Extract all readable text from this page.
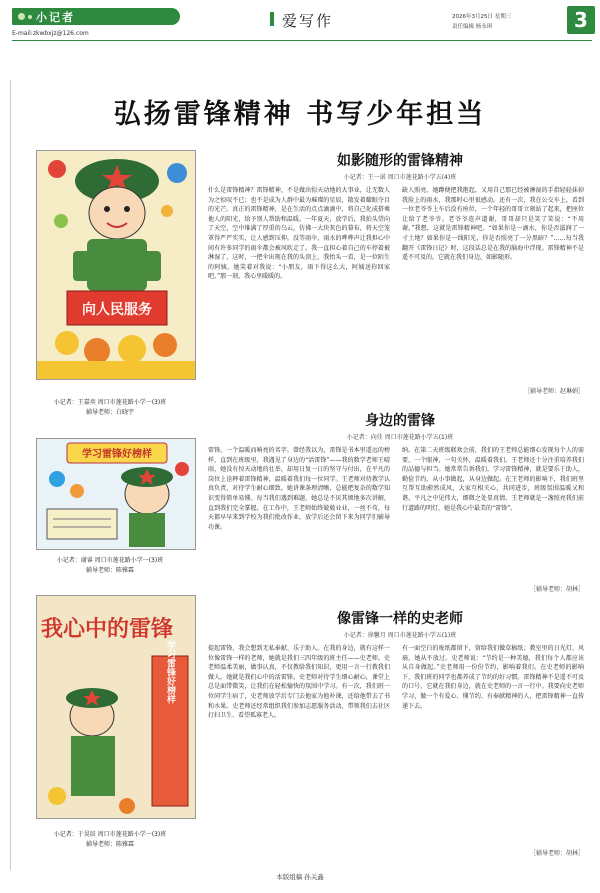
小记者
E-mail:zkwbxjz@126.com
爱写作	2026年3月25日 星期三
责任编辑 杨永琪	3
弘扬雷锋精神 书写少年担当
向人民服务
小记者：王嘉奕 周口市莲花路小学一(3)班
辅导老师：白晓宇
学习雷锋好榜样
小记者：谢睿 周口市莲花路小学一(3)班
辅导老师：陈雅霖
我心中的雷锋
学习雷锋好榜样
小记者：于昊辰 周口市莲花路小学一(3)班
辅导老师：陈雅霖
如影随形的雷锋精神
小记者：王一诺 周口市莲花路小学五(4)班
什么是雷锋精神？雷锋精神，不是做出惊天动地的大事业，让无数人为之惊叹不已；也不是成为人群中最为璀璨的星辰，散发着耀眼夺目的光芒。真正的雷锋精神，是在生活的点点滴滴中，将自己化成搭乘他人的阳光，给予别人帮助和温暖。一年夏天，放学后，我拍头望向了天空，空中堆满了厚重的乌云，仿佛一大块灰色的幕布，将天空笼罩得严严实实，让人感到压抑。没等雨伞，雨水的哗哗声让我担心中间有许多同学的雨伞都会被风吹走了。我一直担心着自己的车停着被淋湿了，这时，一把伞出现在我的头顶上，我抬头一看，是一位陌生的阿姨，她笑着对我说：“小朋友，雨下得这么大，阿姨送你回家吧。”那一刻，我心里暖暖的。
缺人照亮，她蹲便把我抱起，又用自己那已经被淋湿的手指轻轻抹掉我脸上的雨水，我那时心里很感动。还有一次，我在公交车上，看到一位老爷爷上车后没有座位，一个年轻的哥哥立刻站了起来，把座位让给了老爷爷。老爷爷连声道谢，哥哥却只是笑了笑说：“不用谢。”我想，这就是雷锋精神吧。“如果你是一滴水，你是否滋润了一寸土地？如果你是一线阳光，你是否照亮了一分黑暗？”……每当我翻开《雷锋日记》时，这段话总是在我的脑海中浮现。雷锋精神不是遥不可及的，它就在我们身边，如影随形。
［辅导老师：赵琳娟］
身边的雷锋
小记者：向佳 周口市莲花路小学五(1)班
雷锋，一个温暖而响亮的名字。曾经我以为，雷锋是书本里遥远的榜样，直到在班级里，我遇见了身边的“活雷锋”——我的数学老师王晴雨，她没有惊天动地的壮举，却用日复一日的坚守与付出，在平凡的岗位上诠释着雷锋精神，温暖着我们每一位同学。王老师对待教学认真负责，对待学生耐心细致。她讲课条理清晰，总能把复杂的数学知识变得简单易懂。每当我们遇到难题，她总是不厌其烦地多次讲解，直到我们完全掌握。在工作中，王老师始终兢兢业业，一丝不苟，每天都早早来到学校为我们批改作业，放学后还会留下来为同学们辅导功课。
纳。在第二天班级联欢会前，我们的王老师总能细心发现每个人的需要，一个眼神，一句关怀，温暖着我们。王老师还十分注重培养我们的品德与担当。她常常告诉我们，学习雷锋精神，就是要乐于助人，勤俭节约，从小事做起，从身边做起。在王老师的影响下，我们班里互帮互助蔚然成风，大家互相关心，共同进步，班级氛围温暖又和谐。平凡之中见伟大，细微之处显真情。王老师就是一盏照亮我们前行道路的明灯，她是我心中最美的“雷锋”。
［辅导老师：胡林］
像雷锋一样的史老师
小记者：徐馨月 周口市莲花路小学五(1)班
提起雷锋，我会想到无私奉献、乐于助人。在我的身边，就有这样一位像雷锋一样的老师，她就是我们三四年级的班主任——史老师。史老师温柔美丽，做事认真，不仅教给我们知识，更用一言一行教我们做人。她就是我们心中的活雷锋。史老师对待学生细心耐心，课堂上总是面带微笑，让我们在轻松愉快的氛围中学习。有一次，我们班一位同学生病了，史老师放学后专门去他家为他补课，还给他带去了书和水果。史老师还经常组织我们参加志愿服务活动，带领我们去社区打扫卫生、看望孤寡老人。
有一面空白的废纸都留下，留给我们做草稿纸；教室里的日光灯、风扇，她从不放过。史老师说：“节约是一种美德，我们每个人都应该从自身做起。”史老师用一份份节约，影响着我们。在史老师的影响下，我们班的同学也都养成了节约的好习惯。雷锋精神不是遥不可及的口号，它就在我们身边，就在史老师的一言一行中。我要向史老师学习，做一个有爱心、懂节约、有奉献精神的人，把雷锋精神一直传递下去。
［辅导老师：胡林］
本版组稿 孙关鑫
